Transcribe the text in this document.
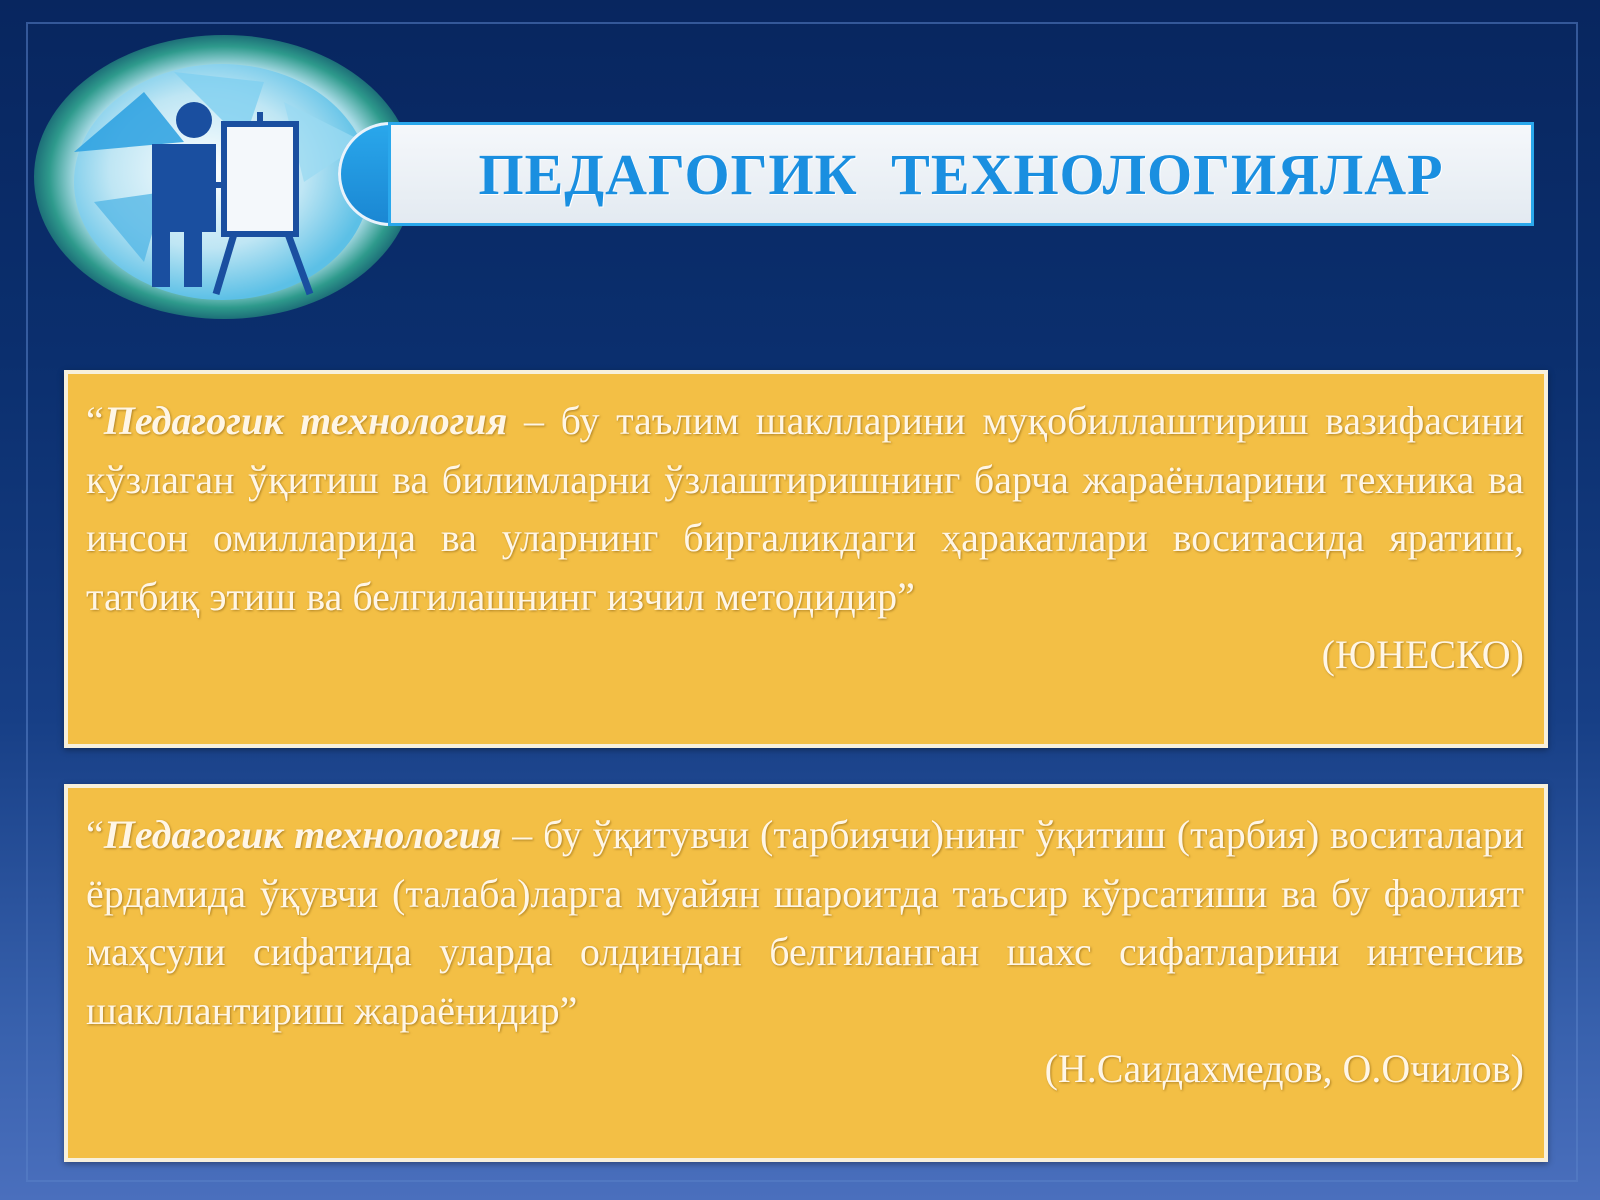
ПЕДАГОГИК ТЕХНОЛОГИЯЛАР

“Педагогик технология – бу таълим шаклларини муқобиллаштириш вазифасини кўзлаган ўқитиш ва билимларни ўзлаштиришнинг барча жараёнларини техника ва инсон омилларида ва уларнинг биргаликдаги ҳаракатлари воситасида яратиш, татбиқ этиш ва белгилашнинг изчил методидир”

(ЮНЕСКО)

“Педагогик технология – бу ўқитувчи (тарбиячи)нинг ўқитиш (тарбия) воситалари ёрдамида ўқувчи (талаба)ларга муайян шароитда таъсир кўрсатиши ва бу фаолият маҳсули сифатида уларда олдиндан белгиланган шахс сифатларини интенсив шакллантириш жараёнидир”

(Н.Саидахмедов, О.Очилов)
